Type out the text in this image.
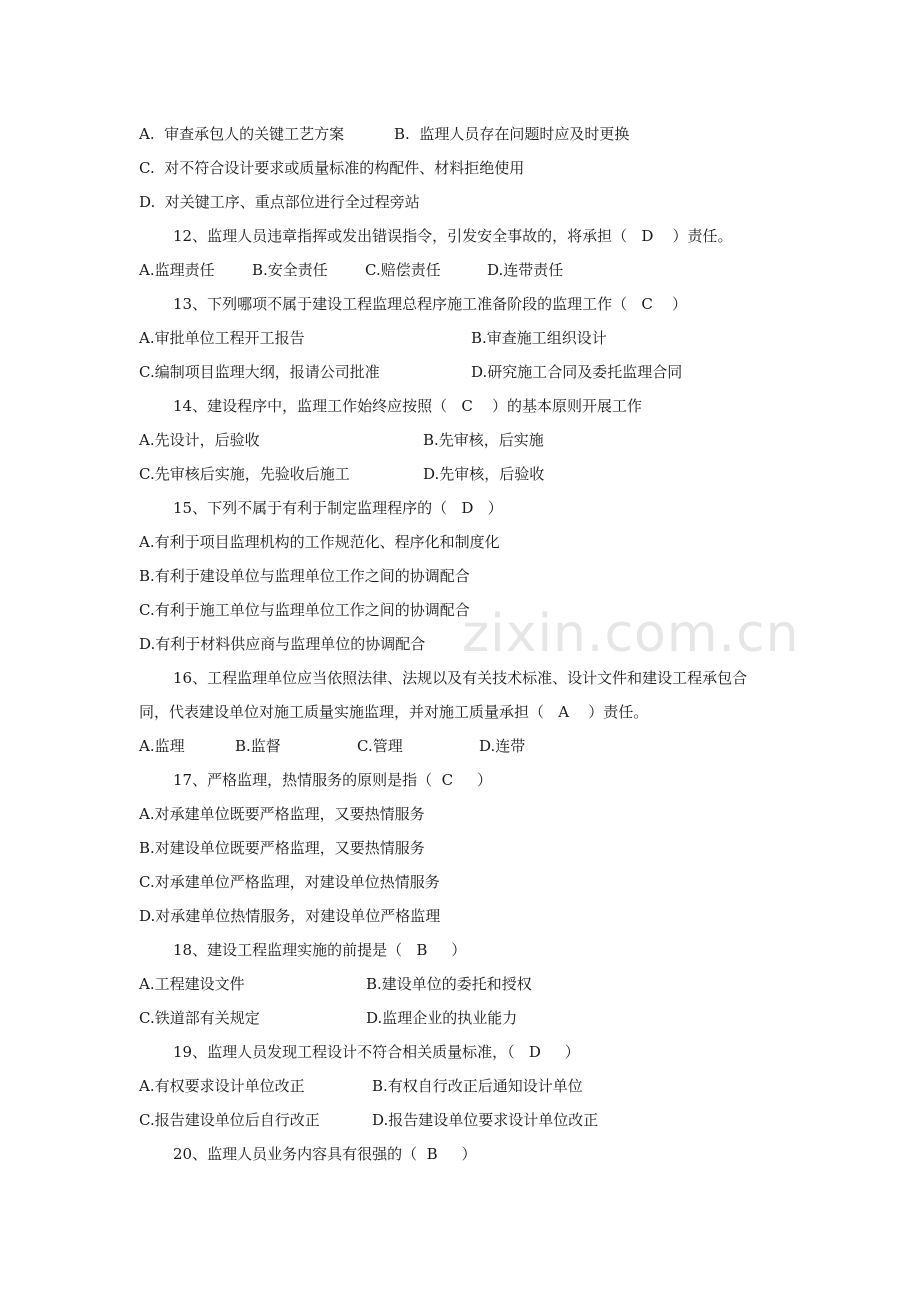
zixin.com.cn
A.  审查承包人的关键工艺方案	B.  监理人员存在问题时应及时更换
C.  对不符合设计要求或质量标准的构配件、材料拒绝使用
D.  对关键工序、重点部位进行全过程旁站
12、监理人员违章指挥或发出错误指令，引发安全事故的，将承担（   D    ）责任。
A.监理责任 B.安全责任 C.赔偿责任	D.连带责任
13、下列哪项不属于建设工程监理总程序施工准备阶段的监理工作（   C    ）
A.审批单位工程开工报告	B.审查施工组织设计
C.编制项目监理大纲，报请公司批准	D.研究施工合同及委托监理合同
14、建设程序中，监理工作始终应按照（   C    ）的基本原则开展工作
A.先设计，后验收	B.先审核，后实施
C.先审核后实施，先验收后施工	D.先审核，后验收
15、下列不属于有利于制定监理程序的（   D   ）
A.有利于项目监理机构的工作规范化、程序化和制度化
B.有利于建设单位与监理单位工作之间的协调配合
C.有利于施工单位与监理单位工作之间的协调配合
D.有利于材料供应商与监理单位的协调配合
16、工程监理单位应当依照法律、法规以及有关技术标准、设计文件和建设工程承包合
同，代表建设单位对施工质量实施监理，并对施工质量承担（   A    ）责任。
A.监理	B.监督	C.管理	D.连带
17、严格监理，热情服务的原则是指（  C     ）
A.对承建单位既要严格监理，又要热情服务
B.对建设单位既要严格监理，又要热情服务
C.对承建单位严格监理，对建设单位热情服务
D.对承建单位热情服务，对建设单位严格监理
18、建设工程监理实施的前提是（   B     ）
A.工程建设文件	B.建设单位的委托和授权
C.铁道部有关规定	D.监理企业的执业能力
19、监理人员发现工程设计不符合相关质量标准，（   D     ）
A.有权要求设计单位改正	B.有权自行改正后通知设计单位
C.报告建设单位后自行改正	D.报告建设单位要求设计单位改正
20、监理人员业务内容具有很强的（  B     ）
